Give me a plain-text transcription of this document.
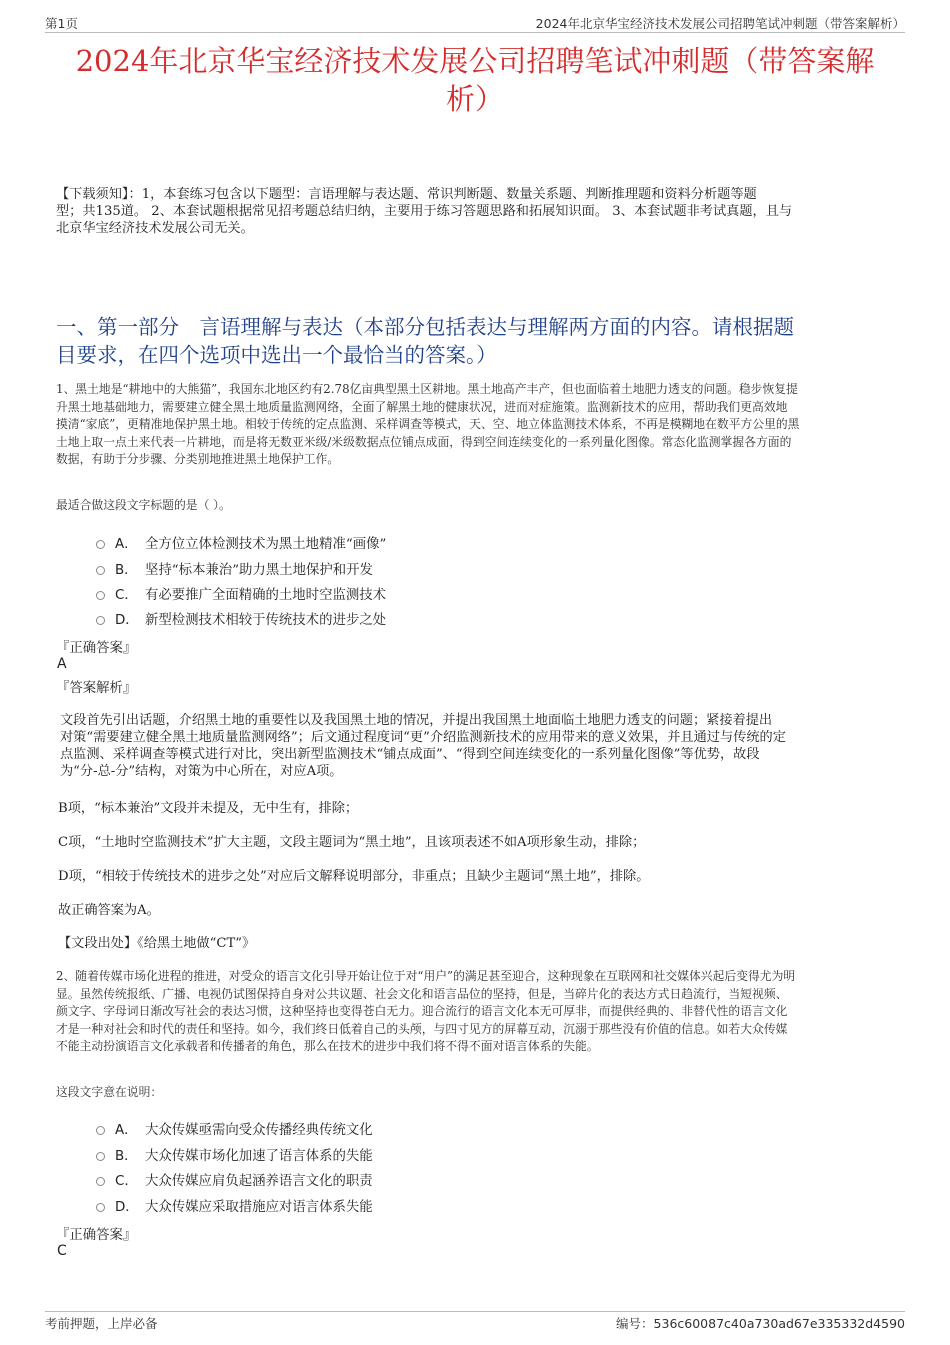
第1页	2024年北京华宝经济技术发展公司招聘笔试冲刺题（带答案解析）
2024年北京华宝经济技术发展公司招聘笔试冲刺题（带答案解
析）
【下载须知】：1，本套练习包含以下题型：言语理解与表达题、常识判断题、数量关系题、判断推理题和资料分析题等题
型；共135道。 2、本套试题根据常见招考题总结归纳，主要用于练习答题思路和拓展知识面。 3、本套试题非考试真题，且与
北京华宝经济技术发展公司无关。
一、第一部分　言语理解与表达（本部分包括表达与理解两方面的内容。请根据题
目要求，在四个选项中选出一个最恰当的答案。）
1、黑土地是“耕地中的大熊猫”，我国东北地区约有2.78亿亩典型黑土区耕地。黑土地高产丰产，但也面临着土地肥力透支的问题。稳步恢复提
升黑土地基础地力，需要建立健全黑土地质量监测网络，全面了解黑土地的健康状况，进而对症施策。监测新技术的应用，帮助我们更高效地
摸清“家底”，更精准地保护黑土地。相较于传统的定点监测、采样调查等模式，天、空、地立体监测技术体系，不再是模糊地在数平方公里的黑
土地上取一点土来代表一片耕地，而是将无数亚米级/米级数据点位铺点成面，得到空间连续变化的一系列量化图像。常态化监测掌握各方面的
数据，有助于分步骤、分类别地推进黑土地保护工作。
最适合做这段文字标题的是（ ）。
A． 全方位立体检测技术为黑土地精准“画像”
B． 坚持“标本兼治”助力黑土地保护和开发
C． 有必要推广全面精确的土地时空监测技术
D． 新型检测技术相较于传统技术的进步之处
『正确答案』
A
『答案解析』
文段首先引出话题，介绍黑土地的重要性以及我国黑土地的情况，并提出我国黑土地面临土地肥力透支的问题；紧接着提出
对策“需要建立健全黑土地质量监测网络”；后文通过程度词“更”介绍监测新技术的应用带来的意义效果，并且通过与传统的定
点监测、采样调查等模式进行对比，突出新型监测技术“铺点成面”、“得到空间连续变化的一系列量化图像”等优势，故段
为“分-总-分”结构，对策为中心所在，对应A项。
B项，“标本兼治”文段并未提及，无中生有，排除；
C项，“土地时空监测技术”扩大主题，文段主题词为“黑土地”，且该项表述不如A项形象生动，排除；
D项，“相较于传统技术的进步之处”对应后文解释说明部分，非重点；且缺少主题词“黑土地”，排除。
故正确答案为A。
【文段出处】《给黑土地做“CT”》
2、随着传媒市场化进程的推进，对受众的语言文化引导开始让位于对“用户”的满足甚至迎合，这种现象在互联网和社交媒体兴起后变得尤为明
显。虽然传统报纸、广播、电视仍试图保持自身对公共议题、社会文化和语言品位的坚持，但是，当碎片化的表达方式日趋流行，当短视频、
颜文字、字母词日渐改写社会的表达习惯，这种坚持也变得苍白无力。迎合流行的语言文化本无可厚非，而提供经典的、非替代性的语言文化
才是一种对社会和时代的责任和坚持。如今，我们终日低着自己的头颅，与四寸见方的屏幕互动，沉溺于那些没有价值的信息。如若大众传媒
不能主动扮演语言文化承载者和传播者的角色，那么在技术的进步中我们将不得不面对语言体系的失能。
这段文字意在说明：
A． 大众传媒亟需向受众传播经典传统文化
B． 大众传媒市场化加速了语言体系的失能
C． 大众传媒应肩负起涵养语言文化的职责
D． 大众传媒应采取措施应对语言体系失能
『正确答案』
C
考前押题，上岸必备	编号：536c60087c40a730ad67e335332d4590
